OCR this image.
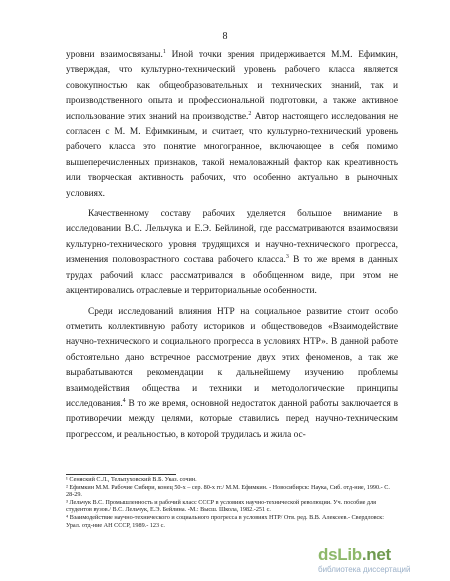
8

уровни взаимосвязаны.$^1$ Иной точки зрения придерживается М.М. Ефимкин, утверждая, что культурно-технический уровень рабочего класса является совокупностью как общеобразовательных и технических знаний, так и производственного опыта и профессиональной подготовки, а также активное использование этих знаний на производстве.$^2$ Автор настоящего исследования не согласен с М. М. Ефимкиным, и считает, что культурно-технический уровень рабочего класса это понятие многогранное, включающее в себя помимо вышеперечисленных признаков, такой немаловажный фактор как креативность или творческая активность рабочих, что особенно актуально в рыночных условиях.

Качественному составу рабочих уделяется большое внимание в исследовании В.С. Лельчука и Е.Э. Бейлиной, где рассматриваются взаимосвязи культурно-технического уровня трудящихся и научно-технического прогресса, изменения половозрастного состава рабочего класса.$^3$ В то же время в данных трудах рабочий класс рассматривался в обобщенном виде, при этом не акцентировались отраслевые и территориальные особенности.

Среди исследований влияния НТР на социальное развитие стоит особо отметить коллективную работу историков и обществоведов «Взаимодействие научно-технического и социального прогресса в условиях НТР». В данной работе обстоятельно дано встречное рассмотрение двух этих феноменов, а так же вырабатываются рекомендации к дальнейшему изучению проблемы взаимодействия общества и техники и методологические принципы исследования.$^4$ В то же время, основной недостаток данной работы заключается в противоречии между целями, которые ставились перед научно-техническим прогрессом, и реальностью, в которой трудилась и жила ос-

¹ Сеняский С.Л., Тельпуховский В.Б. Указ. сочин.
² Ефимкин М.М. Рабочие Сибири, конец 50-х – сер. 80-х гг./ М.М. Ефимкин. - Новосибирск: Наука, Сиб. отд-ние, 1990.- С. 28-29.
³ Лельчук В.С. Промышленность и рабочий класс СССР в условиях научно-технической революции. Уч. пособие для студентов вузов./ В.С. Лельчук, Е.Э. Бейлина. -М.: Высш. Школа, 1982.-251 с.
⁴ Взаимодействие научно-технического и социального прогресса в условиях НТР/ Отв. ред. В.В. Алексеев.- Свердловск: Урал. отд-ние АН СССР, 1989.- 123 с.
dsLib.net
библиотека диссертаций
